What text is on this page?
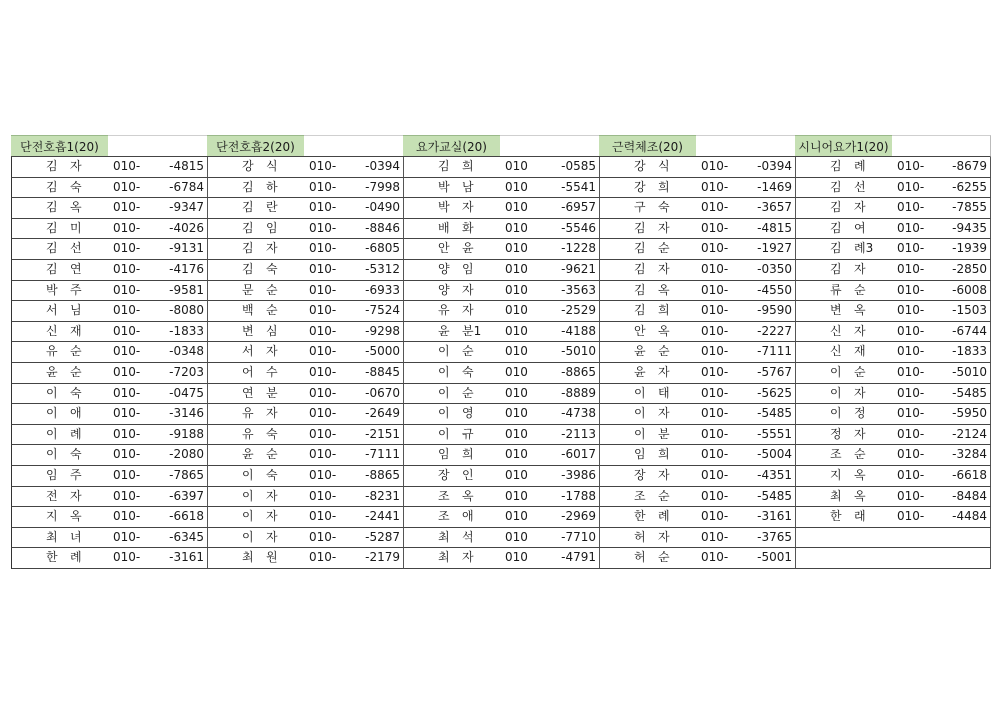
단전호흡1(20)
김 자	010- -4815
김 숙	010- -6784
김 옥	010- -9347
김 미	010- -4026
김 선	010- -9131
김 연	010- -4176
박 주	010- -9581
서 님	010- -8080
신 재	010- -1833
유 순	010- -0348
윤 순	010- -7203
이 숙	010- -0475
이 애	010- -3146
이 례	010- -9188
이 숙	010- -2080
임 주	010- -7865
전 자	010- -6397
지 옥	010- -6618
최 녀	010- -6345
한 례	010- -3161
단전호흡2(20)
강 식	010- -0394
김 하	010- -7998
김 란	010- -0490
김 임	010- -8846
김 자	010- -6805
김 숙	010- -5312
문 순	010- -6933
백 순	010- -7524
변 심	010- -9298
서 자	010- -5000
어 수	010- -8845
연 분	010- -0670
유 자	010- -2649
유 숙	010- -2151
윤 순	010- -7111
이 숙	010- -8865
이 자	010- -8231
이 자	010- -2441
이 자	010- -5287
최 원	010- -2179
요가교실(20)
김 희	010	-0585
박 남	010	-5541
박 자	010	-6957
배 화	010	-5546
안 윤	010	-1228
양 임	010	-9621
양 자	010	-3563
유 자	010	-2529
윤 분1 010	-4188
이 순	010	-5010
이 숙	010	-8865
이 순	010	-8889
이 영	010	-4738
이 규	010	-2113
임 희	010	-6017
장 인	010	-3986
조 옥	010	-1788
조 애	010	-2969
최 석	010	-7710
최 자	010	-4791
근력체조(20)
강 식	010- -0394
강 희	010- -1469
구 숙	010- -3657
김 자	010- -4815
김 순	010- -1927
김 자	010- -0350
김 옥	010- -4550
김 희	010- -9590
안 옥	010- -2227
윤 순	010- -7111
윤 자	010- -5767
이 태	010- -5625
이 자	010- -5485
이 분	010- -5551
임 희	010- -5004
장 자	010- -4351
조 순	010- -5485
한 례	010- -3161
허 자	010- -3765
허 순	010- -5001
시니어요가1(20)
김 례	010- -8679
김 선	010- -6255
김 자	010- -7855
김 여	010- -9435
김 례3 010- -1939
김 자	010- -2850
류 순	010- -6008
변 옥	010- -1503
신 자	010- -6744
신 재	010- -1833
이 순	010- -5010
이 자	010- -5485
이 정	010- -5950
정 자	010- -2124
조 순	010- -3284
지 옥	010- -6618
최 옥	010- -8484
한 래	010- -4484
